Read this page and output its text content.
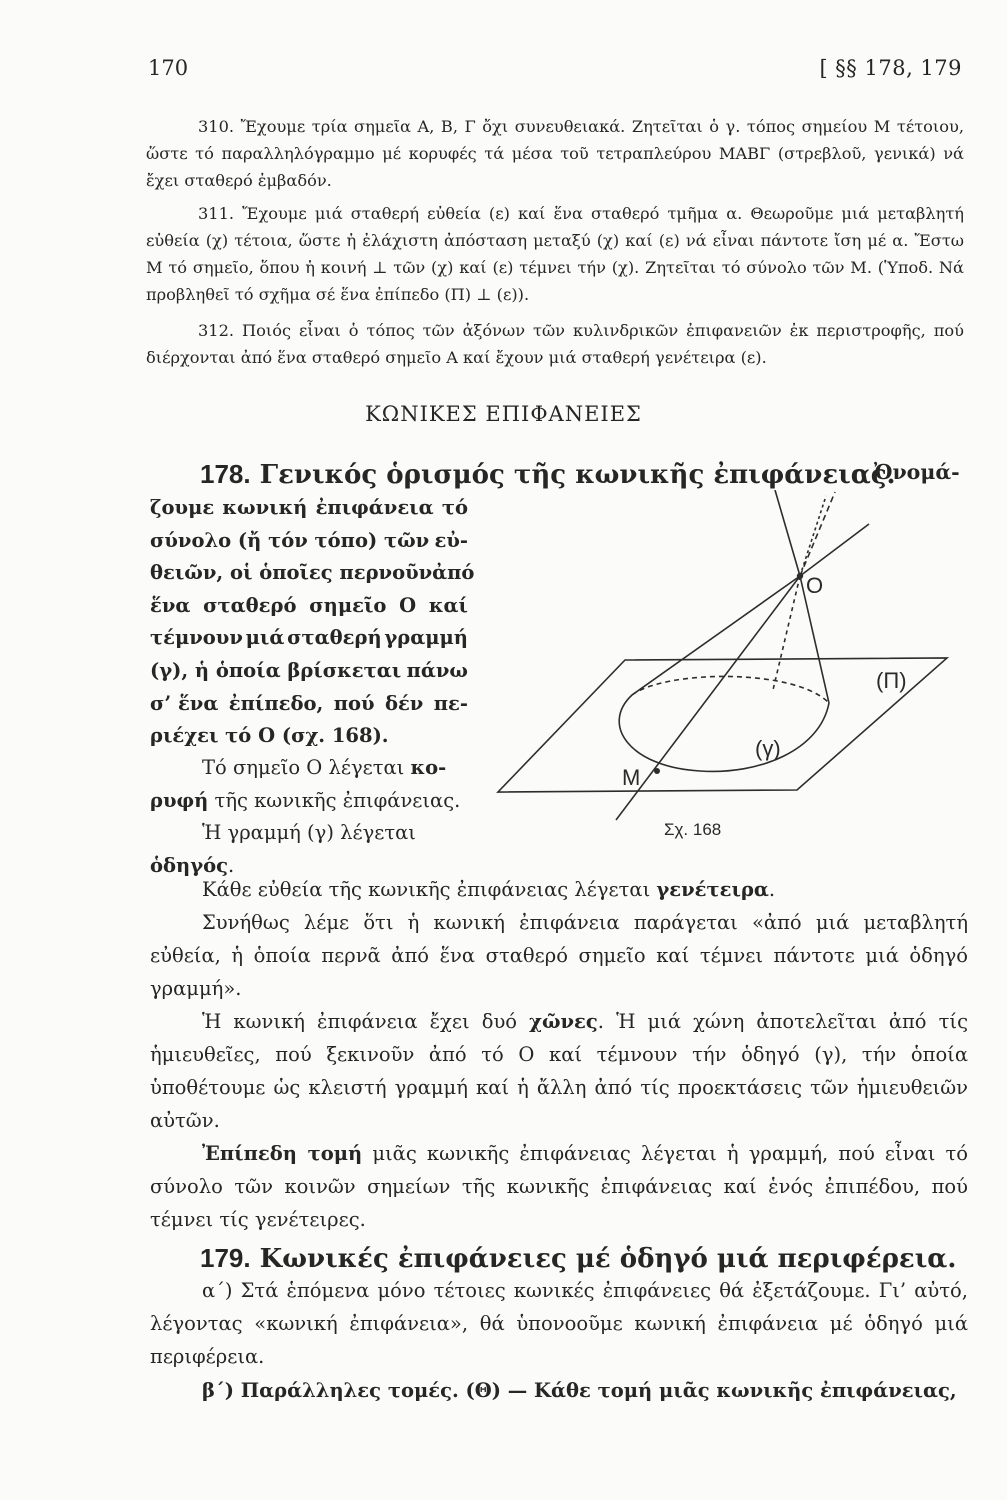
170	[ §§ 178, 179

310. Ἔχουμε τρία σημεῖα Α, Β, Γ ὄχι συνευθειακά. Ζητεῖται ὁ γ. τόπος σημείου Μ τέτοιου, ὥστε τό παραλληλόγραμμο μέ κορυφές τά μέσα τοῦ τετραπλεύρου ΜΑΒΓ (στρεβλοῦ, γενικά) νά ἔχει σταθερό ἐμβαδόν.

311. Ἔχουμε μιά σταθερή εὐθεία (ε) καί ἕνα σταθερό τμῆμα α. Θεωροῦμε μιά μεταβλητή εὐθεία (χ) τέτοια, ὥστε ἡ ἐλάχιστη ἀπόσταση μεταξύ (χ) καί (ε) νά εἶναι πάντοτε ἴση μέ α. Ἔστω Μ τό σημεῖο, ὅπου ἡ κοινή ⊥ τῶν (χ) καί (ε) τέμνει τήν (χ). Ζητεῖται τό σύνολο τῶν Μ. (Ὑποδ. Νά προβληθεῖ τό σχῆμα σέ ἕνα ἐπίπεδο (Π) ⊥ (ε)).

312. Ποιός εἶναι ὁ τόπος τῶν ἀξόνων τῶν κυλινδρικῶν ἐπιφανειῶν ἐκ περιστροφῆς, πού διέρχονται ἀπό ἕνα σταθερό σημεῖο Α καί ἔχουν μιά σταθερή γενέτειρα (ε).

ΚΩΝΙΚΕΣ ΕΠΙΦΑΝΕΙΕΣ
178. Γενικός ὁρισμός τῆς κωνικῆς ἐπιφάνειας.
Ὀνομά-
ζουμε κωνική ἐπιφάνεια τό
σύνολο (ἤ τόν τόπο) τῶν εὐ-
θειῶν, οἱ ὁποῖες περνοῦν ἀπό
ἕνα σταθερό σημεῖο Ο καί
τέμνουν μιά σταθερή γραμμή
(γ), ἡ ὁποία βρίσκεται πάνω
σ’ ἕνα ἐπίπεδο, πού δέν πε-
ριέχει τό Ο (σχ. 168).
Τό σημεῖο Ο λέγεται κο-
ρυφή τῆς κωνικῆς ἐπιφάνειας.
Ἡ γραμμή (γ) λέγεται
ὁδηγός.
Ο
(Π)
(γ)
Μ
Σχ. 168

Κάθε εὐθεία τῆς κωνικῆς ἐπιφάνειας λέγεται γενέτειρα.

Συνήθως λέμε ὅτι ἡ κωνική ἐπιφάνεια παράγεται «ἀπό μιά μεταβλητή εὐθεία, ἡ ὁποία περνᾶ ἀπό ἕνα σταθερό σημεῖο καί τέμνει πάντοτε μιά ὁδηγό γραμμή».

Ἡ κωνική ἐπιφάνεια ἔχει δυό χῶνες. Ἡ μιά χώνη ἀποτελεῖται ἀπό τίς ἡμιευθεῖες, πού ξεκινοῦν ἀπό τό Ο καί τέμνουν τήν ὁδηγό (γ), τήν ὁποία ὑποθέτουμε ὡς κλειστή γραμμή καί ἡ ἄλλη ἀπό τίς προεκτάσεις τῶν ἡμιευθειῶν αὐτῶν.

Ἐπίπεδη τομή μιᾶς κωνικῆς ἐπιφάνειας λέγεται ἡ γραμμή, πού εἶναι τό σύνολο τῶν κοινῶν σημείων τῆς κωνικῆς ἐπιφάνειας καί ἑνός ἐπιπέδου, πού τέμνει τίς γενέτειρες.

179. Κωνικές ἐπιφάνειες μέ ὁδηγό μιά περιφέρεια.

α΄) Στά ἑπόμενα μόνο τέτοιες κωνικές ἐπιφάνειες θά ἐξετάζουμε. Γι’ αὐτό, λέγοντας «κωνική ἐπιφάνεια», θά ὑπονοοῦμε κωνική ἐπιφάνεια μέ ὁδηγό μιά περιφέρεια.

β΄) Παράλληλες τομές. (Θ) — Κάθε τομή μιᾶς κωνικῆς ἐπιφάνειας,
